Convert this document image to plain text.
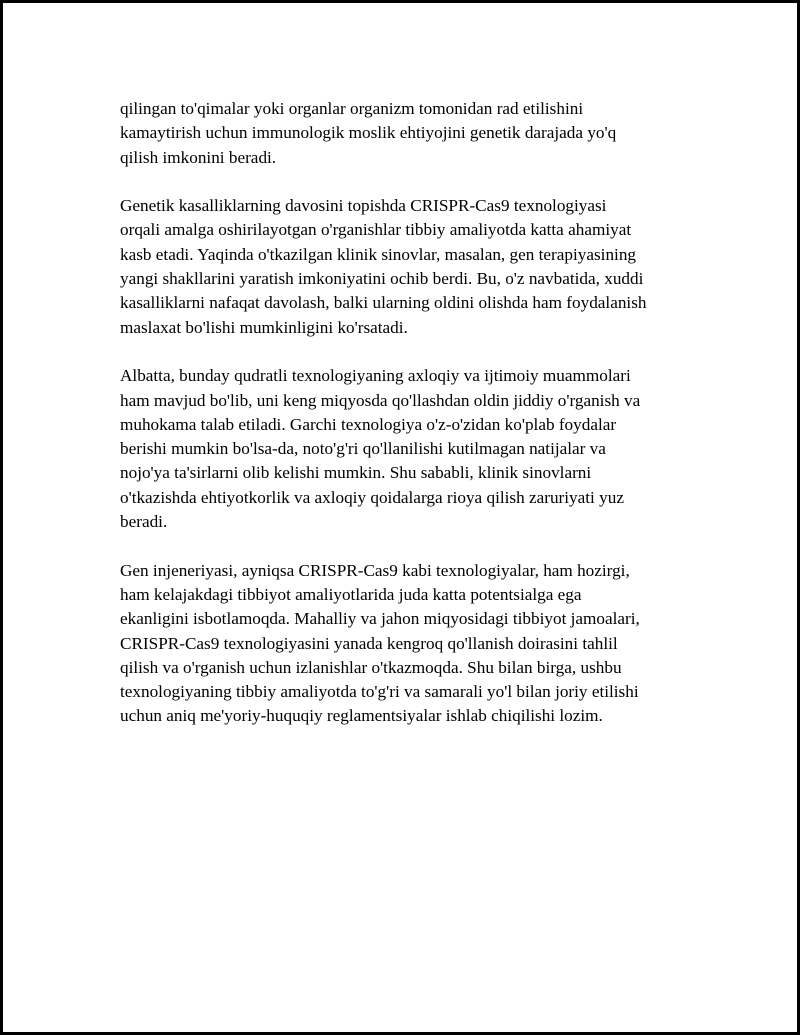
qilingan to'qimalar yoki organlar organizm tomonidan rad etilishini
kamaytirish uchun immunologik moslik ehtiyojini genetik darajada yo'q
qilish imkonini beradi.

Genetik kasalliklarning davosini topishda CRISPR-Cas9 texnologiyasi
orqali amalga oshirilayotgan o'rganishlar tibbiy amaliyotda katta ahamiyat
kasb etadi. Yaqinda o'tkazilgan klinik sinovlar, masalan, gen terapiyasining
yangi shakllarini yaratish imkoniyatini ochib berdi. Bu, o'z navbatida, xuddi
kasalliklarni nafaqat davolash, balki ularning oldini olishda ham foydalanish
maslaxat bo'lishi mumkinligini ko'rsatadi.

Albatta, bunday qudratli texnologiyaning axloqiy va ijtimoiy muammolari
ham mavjud bo'lib, uni keng miqyosda qo'llashdan oldin jiddiy o'rganish va
muhokama talab etiladi. Garchi texnologiya o'z-o'zidan ko'plab foydalar
berishi mumkin bo'lsa-da, noto'g'ri qo'llanilishi kutilmagan natijalar va
nojo'ya ta'sirlarni olib kelishi mumkin. Shu sababli, klinik sinovlarni
o'tkazishda ehtiyotkorlik va axloqiy qoidalarga rioya qilish zaruriyati yuz
beradi.

Gen injeneriyasi, ayniqsa CRISPR-Cas9 kabi texnologiyalar, ham hozirgi,
ham kelajakdagi tibbiyot amaliyotlarida juda katta potentsialga ega
ekanligini isbotlamoqda. Mahalliy va jahon miqyosidagi tibbiyot jamoalari,
CRISPR-Cas9 texnologiyasini yanada kengroq qo'llanish doirasini tahlil
qilish va o'rganish uchun izlanishlar o'tkazmoqda. Shu bilan birga, ushbu
texnologiyaning tibbiy amaliyotda to'g'ri va samarali yo'l bilan joriy etilishi
uchun aniq me'yoriy-huquqiy reglamentsiyalar ishlab chiqilishi lozim.
